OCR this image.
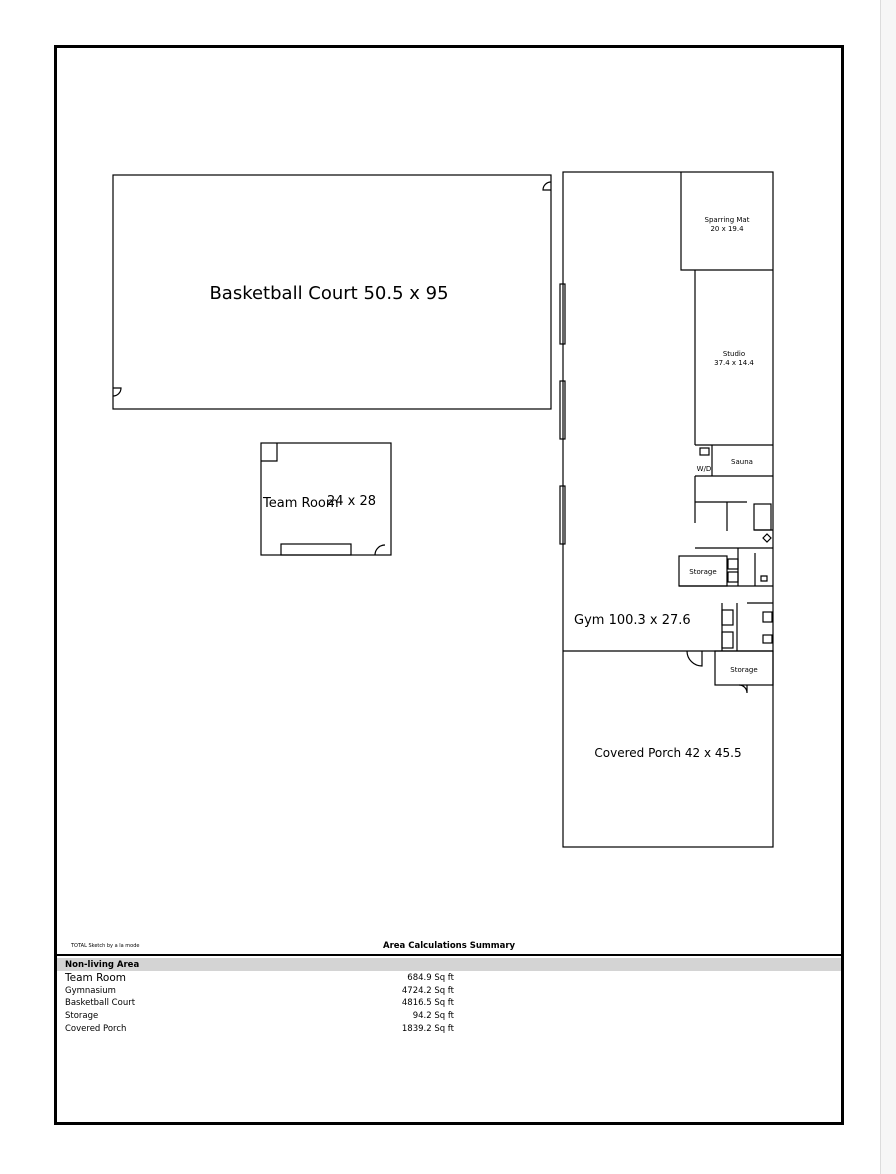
Basketball Court 50.5 x 95
Team Room
24 x 28
Sparring Mat
20 x 19.4
Studio
37.4 x 14.4
Sauna
W/D
Storage
Gym 100.3 x 27.6
Storage
Covered Porch 42 x 45.5
TOTAL Sketch by a la mode	Area Calculations Summary
Non-living Area
Team Room	684.9 Sq ft
Gymnasium	4724.2 Sq ft
Basketball Court	4816.5 Sq ft
Storage	94.2 Sq ft
Covered Porch	1839.2 Sq ft
